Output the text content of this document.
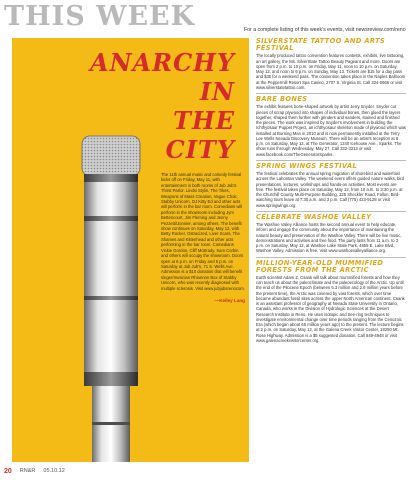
THIS WEEK	For a complete listing of this week's events, visit newsreview.com/reno
ANARCHY
IN
THE
CITY
The 11th annual music and comedy festival kicks off on Friday, May 11, with entertainment in both rooms of Jub Jub's Thirst Parlor. Lindsi Stylin, The Tikes, Weapons of Mass Creation, Vague Choir, Stabby Unicorn, DJ Kitty Ed and other acts will perform in the bar room. Comedians will perform in the showroom including Jym Bettencourt, Jim Fleming and Jenny Pezzetti/Jonnier, among others. The benefit show continues on Saturday, May 12, with Betty Rocker, Ostracized, Liver Scars, The Shames and Kittenhead and other acts performing in the bar room. Comedians Vickie Gordon, Cliff McBrady, Sam Corbin and others will occupy the showroom. Doors open at 6 p.m. on Friday and 5 p.m. on Saturday at Jub Jub's, 71 S. Wells Ave. Admission is a $10 donation that will benefit singer/musician Rhiannon Box of Stabby Unicorn, who was recently diagnosed with multiple sclerosis. Visit www.jubjubsrenocom.
—Kelley Lang
SILVERSTATE TATTOO AND ARTS FESTIVAL
The locally produced tattoo convention features contests, exhibits, live tattooing, an art gallery, the Ms. SilverState Tattoo Beauty Pageant and more. Doors are open from 2 p.m. to 10 p.m. on Friday, May 11, noon to 10 p.m. on Saturday, May 12, and noon to 6 p.m. on Sunday, May 13. Tickets are $15 for a day pass and $35 for a weekend pass. The convention takes place in the Naples Ballroom at the Peppermill Resort Spa Casino, 2707 S. Virginia St. Call 324-0666 or visit www.silverstatetattoo.com.
BARE BONES
The exhibit features bone-shaped artwork by artist Jerry Snyder. Snyder cut pieces of scrap plywood into shapes of individual bones, then glued the layers together, shaped them further with grinders and sanders, stained and finished the pieces. The work was inspired by Snyder's involvement in building the Ichthyosaur Puppet Project, an ichthyosaur skeleton made of plywood which was installed at Burning Man in 2010 and is now permanently installed at the Terry Lee Wells Nevada Discovery Museum. There will be an artist's reception at 6 p.m. on Saturday, May 12, at The Generator, 1240 Icehouse Ave., Sparks. The show runs through Wednesday, May 27. Call 332-3213 or visit www.facebook.com/TheGeneratorSparks.
SPRING WINGS FESTIVAL
The festival celebrates the annual spring migration of shorebird and waterfowl across the Lahontan Valley. The weekend event offers guided nature walks, bird presentations, lectures, workshops and hands-on activities. Most events are free. The festival takes place on Saturday, May 12, from 10 a.m. to 3:30 p.m. at the Churchill County Multi-Purpose Building, 325 Sheckler Road, Fallon. Bird-watching tours leave at 7:30 a.m. and 3 p.m. Call (775) 423-9128 or visit www.springwings.org.
CELEBRATE WASHOE VALLEY
The Washoe Valley Alliance hosts the second annual event to help educate, inform and engage the community about the importance of maintaining the natural beauty and preservation of the Washoe Valley. There will be live music, demonstrations and activities and free food. The party lasts from 11 a.m. to 3 p.m. on Saturday, May 12, at Washoe Lake State Park, 4855 E. Lake Blvd., Washoe Valley. Admission is free. Visit www.washoevalleyalliance.org.
MILLION-YEAR-OLD MUMMIFIED FORESTS FROM THE ARCTIC
Earth scientist Adam Z. Csank will talk about mummified forests and how they can teach us about the paleoclimate and the paleoecology of the Arctic. Up until the end of the Pliocene Epoch (between 5.3 million and 2.6 million years before the present time), the Arctic was covered by vast forests, which over time became abundant fossil sites across the upper North American continent. Csank is an assistant professor of geography at Nevada State University in Ontario, Canada, who works in the Division of Hydrologic Sciences at the Desert Research Institute in Reno. He uses isotopic and tree-ring techniques to investigate environmental change over time periods ranging from the Cenozoic Era (which began about 65 million years ago) to the present. The lecture begins at 2 p.m. on Saturday, May 12, at the Galena Creek Visitor Center, 18250 Mt. Rose Highway. Admission is a $5 suggested donation. Call 849-4948 or visit www.galenacreekvisitorcenter.org.
20 RN&R 05.10.12
